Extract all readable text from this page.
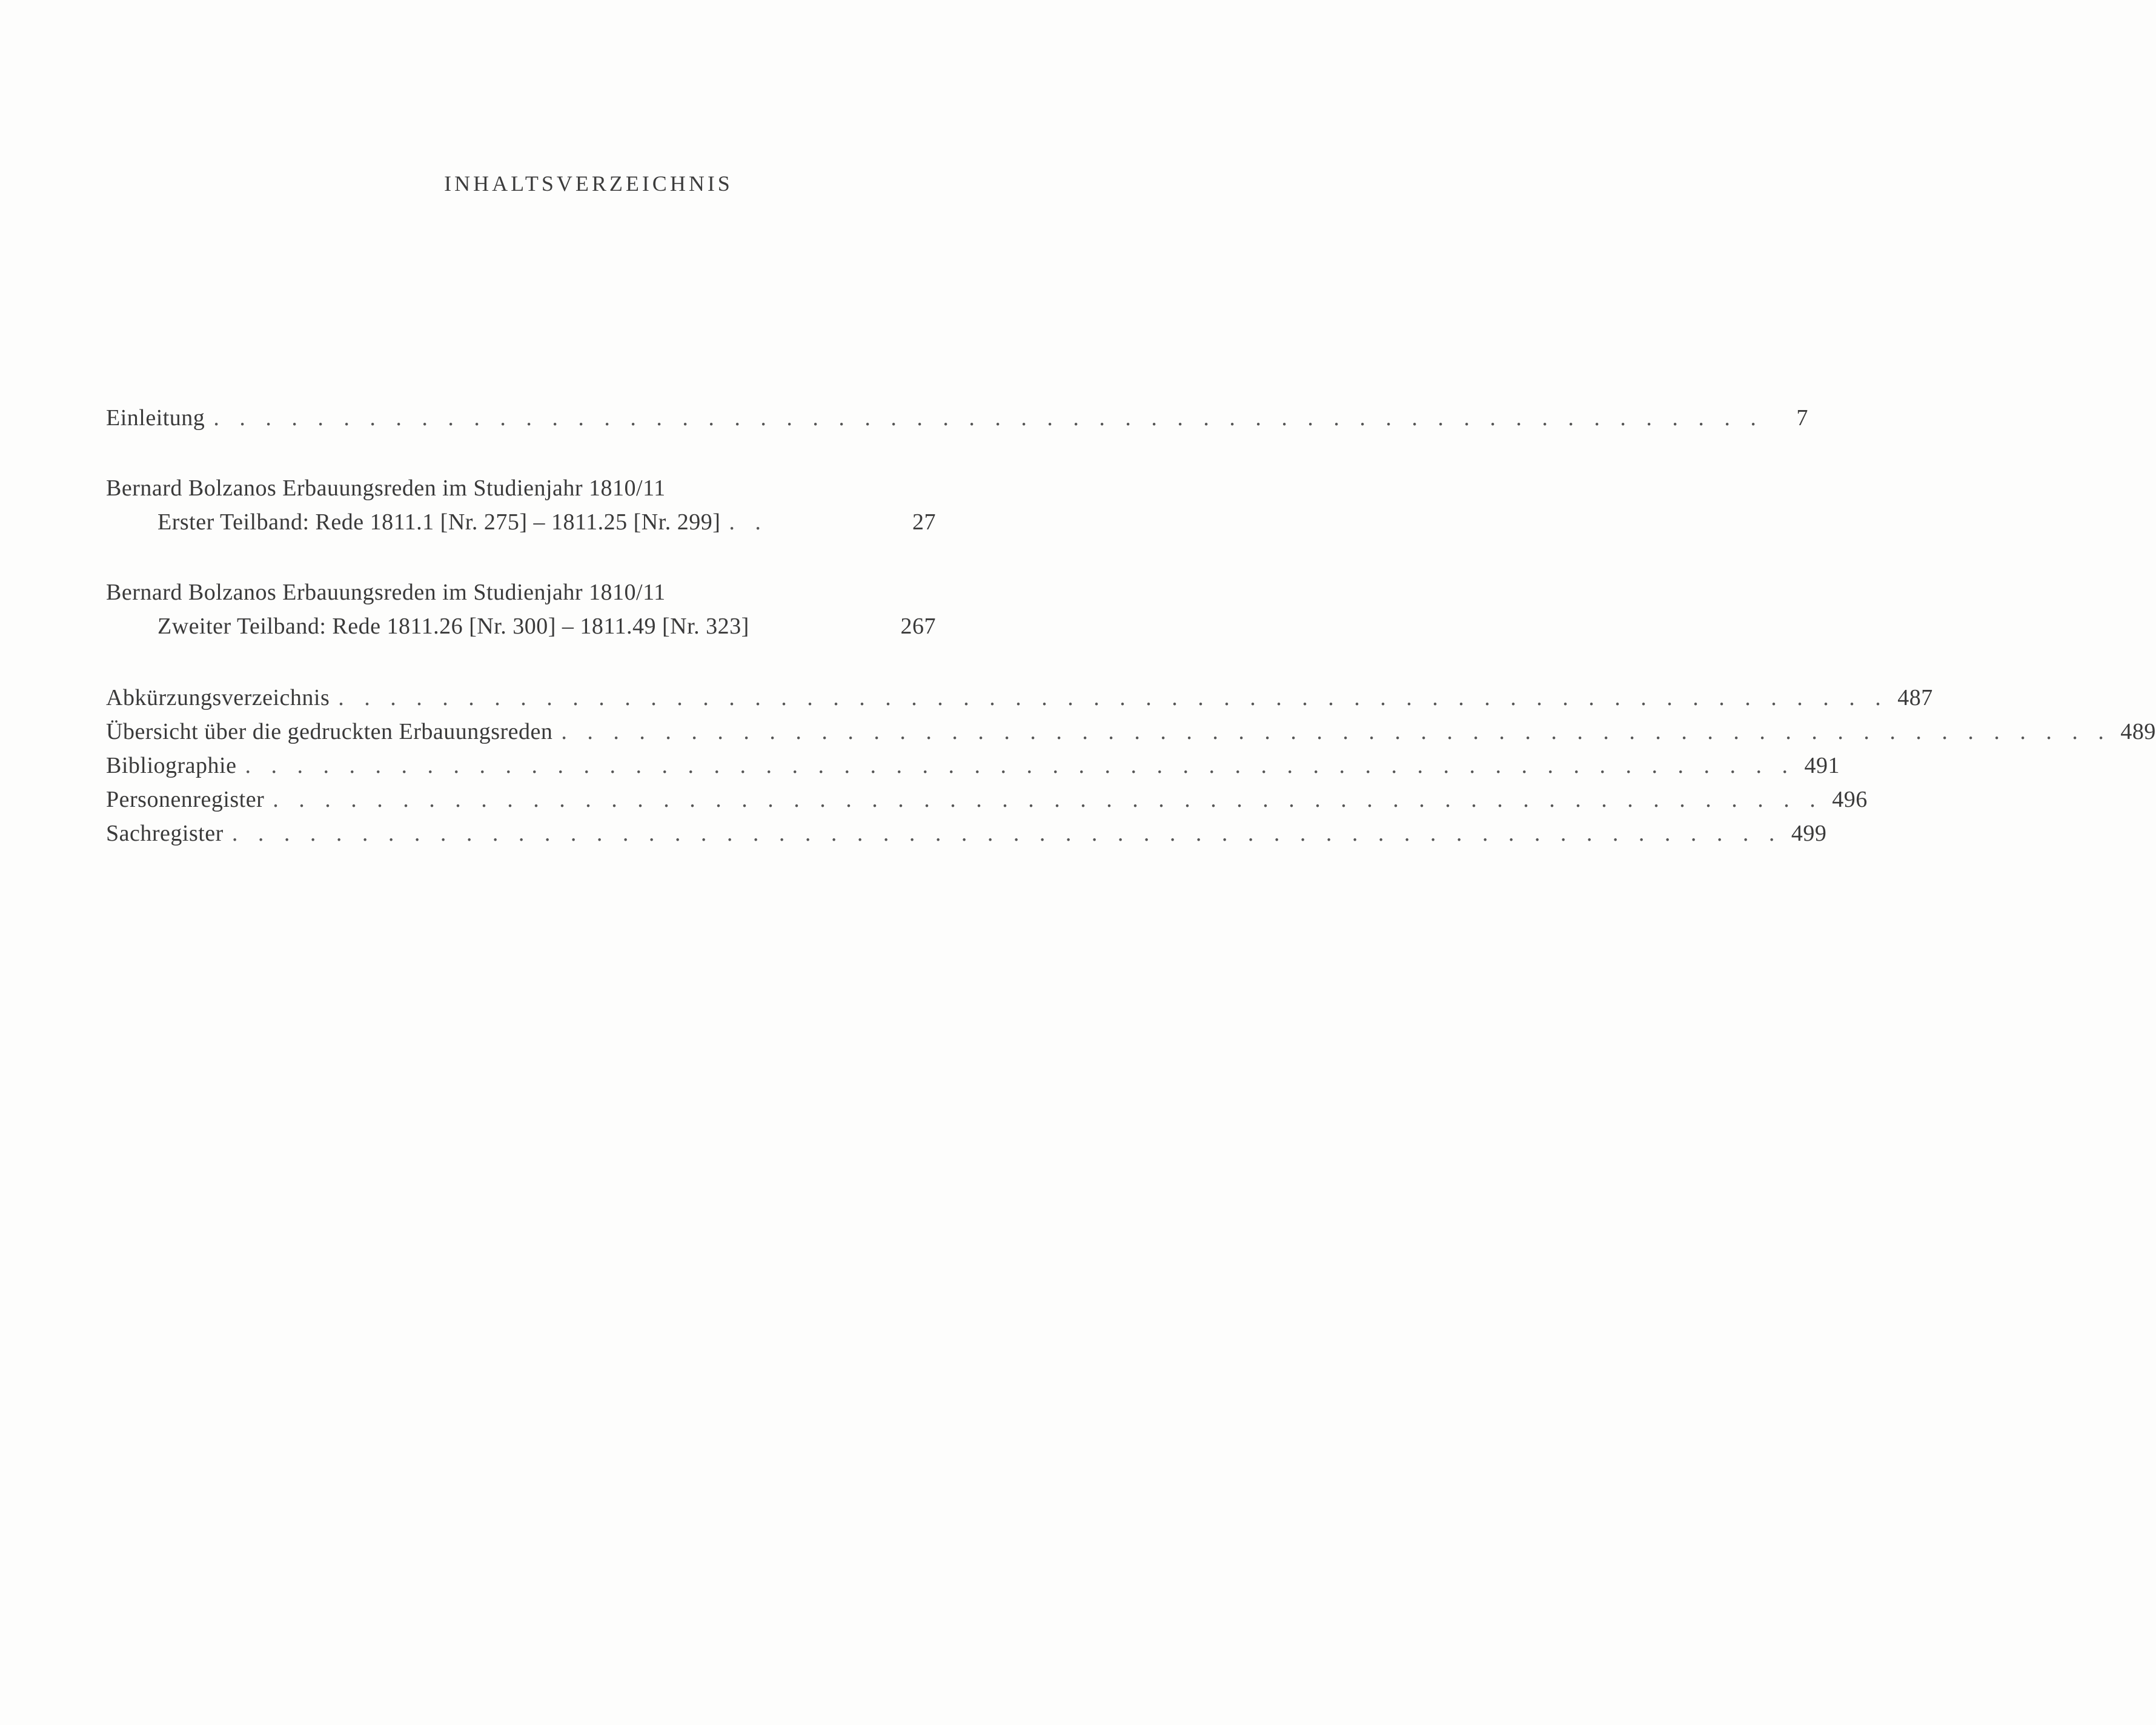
INHALTSVERZEICHNIS
Einleitung . . . . . . . . . . . . . . . . . . . . . . . . . . . . . . . . . . . . . . . . . . . . . . . . . . . . . . . . . . . .	7
Bernard Bolzanos Erbauungsreden im Studienjahr 1810/11
Erster Teilband: Rede 1811.1 [Nr. 275] – 1811.25 [Nr. 299] . .	27
Bernard Bolzanos Erbauungsreden im Studienjahr 1810/11
Zweiter Teilband: Rede 1811.26 [Nr. 300] – 1811.49 [Nr. 323]	267
Abkürzungsverzeichnis . . . . . . . . . . . . . . . . . . . . . . . . . . . . . . . . . . . . . . . . . . . . . . . . . . . . . . . . . . . . 487
Übersicht über die gedruckten Erbauungsreden . . . . . . . . . . . . . . . . . . . . . . . . . . . . . . . . . . . . . . . . . . . . . . . . . . . . . . . . . . . . 489
Bibliographie . . . . . . . . . . . . . . . . . . . . . . . . . . . . . . . . . . . . . . . . . . . . . . . . . . . . . . . . . . . . 491
Personenregister . . . . . . . . . . . . . . . . . . . . . . . . . . . . . . . . . . . . . . . . . . . . . . . . . . . . . . . . . . . . 496
Sachregister . . . . . . . . . . . . . . . . . . . . . . . . . . . . . . . . . . . . . . . . . . . . . . . . . . . . . . . . . . . . 499
